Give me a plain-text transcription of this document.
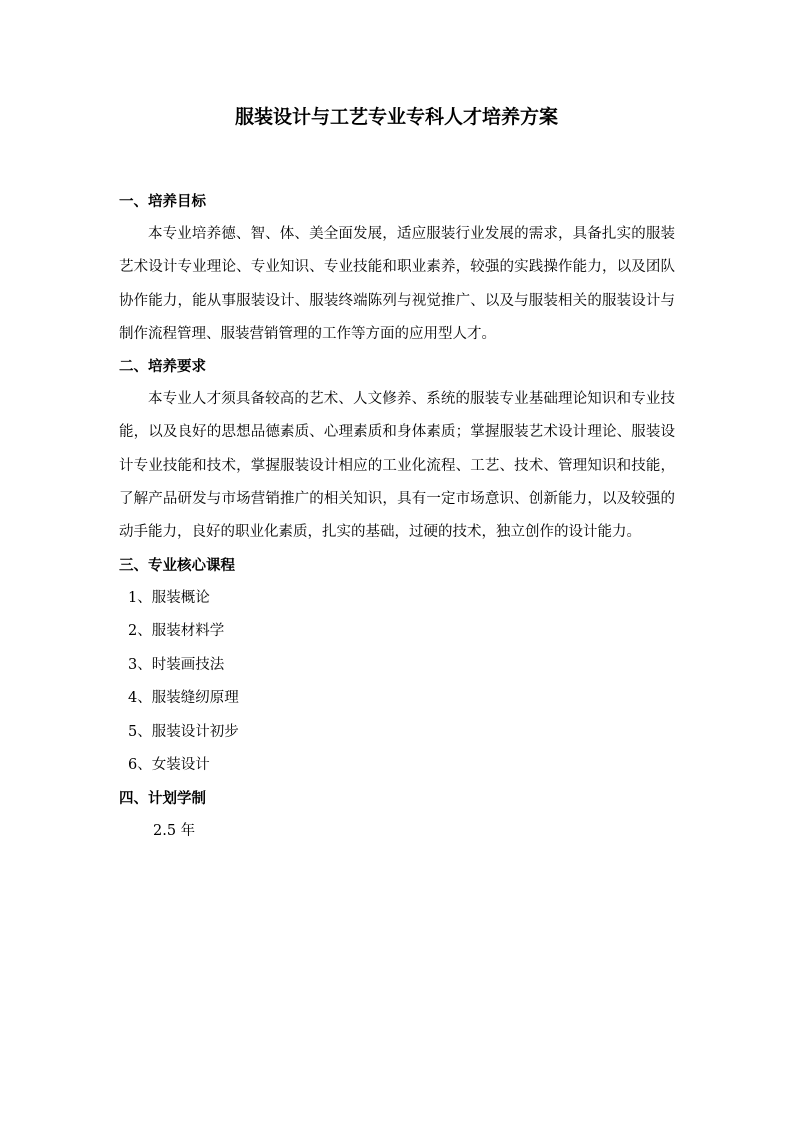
服装设计与工艺专业专科人才培养方案
一、培养目标

本专业培养德、智、体、美全面发展，适应服装行业发展的需求，具备扎实的服装艺术设计专业理论、专业知识、专业技能和职业素养，较强的实践操作能力，以及团队协作能力，能从事服装设计、服装终端陈列与视觉推广、以及与服装相关的服装设计与制作流程管理、服装营销管理的工作等方面的应用型人才。

二、培养要求

本专业人才须具备较高的艺术、人文修养、系统的服装专业基础理论知识和专业技能，以及良好的思想品德素质、心理素质和身体素质；掌握服装艺术设计理论、服装设计专业技能和技术，掌握服装设计相应的工业化流程、工艺、技术、管理知识和技能，了解产品研发与市场营销推广的相关知识，具有一定市场意识、创新能力，以及较强的动手能力，良好的职业化素质，扎实的基础，过硬的技术，独立创作的设计能力。

三、专业核心课程
1、服装概论
2、服装材料学
3、时装画技法
4、服装缝纫原理
5、服装设计初步
6、女装设计
四、计划学制

2.5 年
